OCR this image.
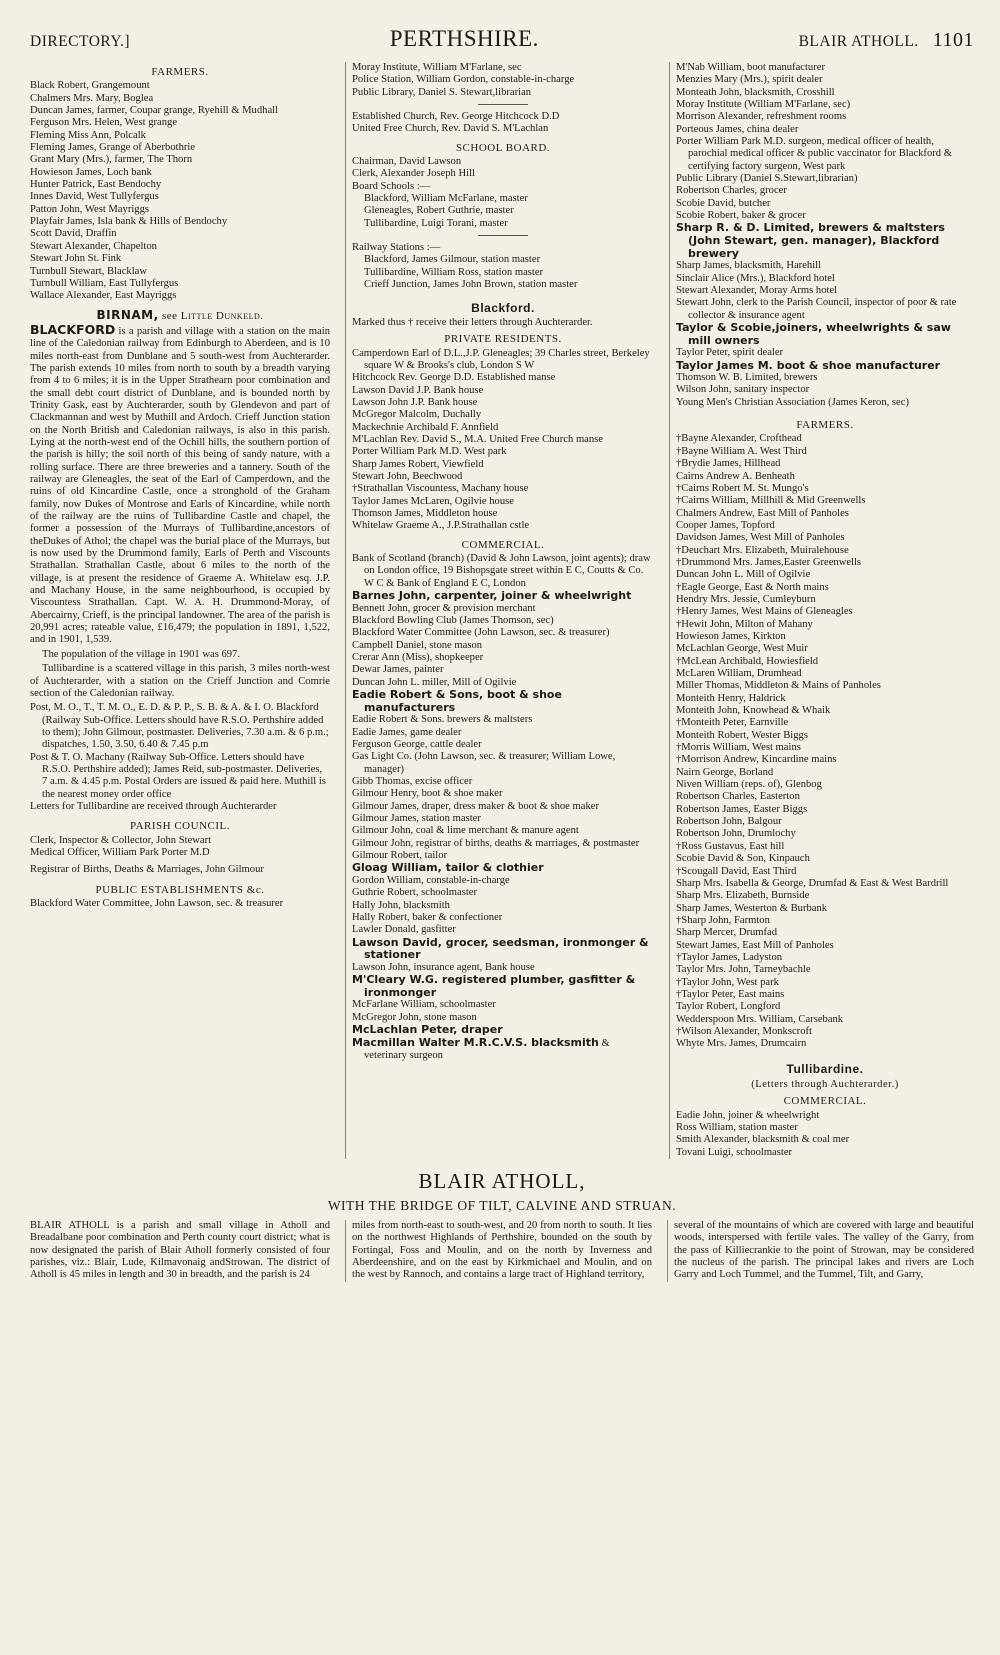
DIRECTORY.]	PERTHSHIRE.	BLAIR ATHOLL. 1101
FARMERS.

Black Robert, Grangemount

Chalmers Mrs. Mary, Boglea

Duncan James, farmer, Coupar grange, Ryehill & Mudhall

Ferguson Mrs. Helen, West grange

Fleming Miss Ann, Polcalk

Fleming James, Grange of Aberbothrie

Grant Mary (Mrs.), farmer, The Thorn

Howieson James, Loch bank

Hunter Patrick, East Bendochy

Innes David, West Tullyfergus

Patton John, West Mayriggs

Playfair James, Isla bank & Hills of Bendochy

Scott David, Draffin

Stewart Alexander, Chapelton

Stewart John St. Fink

Turnbull Stewart, Blacklaw

Turnbull William, East Tullyfergus

Wallace Alexander, East Mayriggs

BIRNAM, see Little Dunkeld.

BLACKFORD is a parish and village with a station on the main line of the Caledonian railway from Edinburgh to Aberdeen, and is 10 miles north-east from Dunblane and 5 south-west from Auchterarder. The parish extends 10 miles from north to south by a breadth varying from 4 to 6 miles; it is in the Upper Strathearn poor combination and the small debt court district of Dunblane, and is bounded north by Trinity Gask, east by Auchterarder, south by Glendevon and part of Clackmannan and west by Muthill and Ardoch. Crieff Junction station on the North British and Caledonian railways, is also in this parish. Lying at the north-west end of the Ochill hills, the southern portion of the parish is hilly; the soil north of this being of sandy nature, with a rolling surface. There are three breweries and a tannery. South of the railway are Gleneagles, the seat of the Earl of Camperdown, and the ruins of old Kincardine Castle, once a stronghold of the Graham family, now Dukes of Montrose and Earls of Kincardine, while north of the railway are the ruins of Tullibardine Castle and chapel, the former a possession of the Murrays of Tullibardine,ancestors of theDukes of Athol; the chapel was the burial place of the Murrays, but is now used by the Drummond family, Earls of Perth and Viscounts Strathallan. Strathallan Castle, about 6 miles to the north of the village, is at present the residence of Graeme A. Whitelaw esq. J.P. and Machany House, in the same neighbourhood, is occupied by Viscountess Strathallan. Capt. W. A. H. Drummond-Moray, of Abercairny, Crieff, is the principal landowner. The area of the parish is 20,991 acres; rateable value, £16,479; the population in 1891, 1,522, and in 1901, 1,539.

The population of the village in 1901 was 697.

Tullibardine is a scattered village in this parish, 3 miles north-west of Auchterarder, with a station on the Crieff Junction and Comrie section of the Caledonian railway.

Post, M. O., T., T. M. O., E. D. & P. P., S. B. & A. & I. O. Blackford (Railway Sub-Office. Letters should have R.S.O. Perthshire added to them); John Gilmour, postmaster. Deliveries, 7.30 a.m. & 6 p.m.; dispatches, 1.50, 3.50, 6.40 & 7.45 p.m

Post & T. O. Machany (Railway Sub-Office. Letters should have R.S.O. Perthshire added); James Reid, sub-postmaster. Deliveries, 7 a.m. & 4.45 p.m. Postal Orders are issued & paid here. Muthill is the nearest money order office

Letters for Tullibardine are received through Auchterarder

PARISH COUNCIL.

Clerk, Inspector & Collector, John Stewart

Medical Officer, William Park Porter M.D

Registrar of Births, Deaths & Marriages, John Gilmour

PUBLIC ESTABLISHMENTS &c.

Blackford Water Committee, John Lawson, sec. & treasurer

Moray Institute, William M'Farlane, sec

Police Station, William Gordon, constable-in-charge

Public Library, Daniel S. Stewart,librarian

Established Church, Rev. George Hitchcock D.D

United Free Church, Rev. David S. M'Lachlan

SCHOOL BOARD.

Chairman, David Lawson

Clerk, Alexander Joseph Hill

Board Schools :—

Blackford, William McFarlane, master

Gleneagles, Robert Guthrie, master

Tullibardine, Luigi Torani, master

Railway Stations :—

Blackford, James Gilmour, station master

Tullibardine, William Ross, station master

Crieff Junction, James John Brown, station master

Blackford.

Marked thus † receive their letters through Auchterarder.

PRIVATE RESIDENTS.

Camperdown Earl of D.L.,J.P. Gleneagles; 39 Charles street, Berkeley square W & Brooks's club, London S W

Hitchcock Rev. George D.D. Established manse

Lawson David J.P. Bank house

Lawson John J.P. Bank house

McGregor Malcolm, Duchally

Mackechnie Archibald F. Annfield

M'Lachlan Rev. David S., M.A. United Free Church manse

Porter William Park M.D. West park

Sharp James Robert, Viewfield

Stewart John, Beechwood

†Strathallan Viscountess, Machany house

Taylor James McLaren, Ogilvie house

Thomson James, Middleton house

Whitelaw Graeme A., J.P.Strathallan cstle

COMMERCIAL.

Bank of Scotland (branch) (David & John Lawson, joint agents); draw on London office, 19 Bishopsgate street within E C, Coutts & Co. W C & Bank of England E C, London

Barnes John, carpenter, joiner & wheelwright

Bennett John, grocer & provision merchant

Blackford Bowling Club (James Thomson, sec)

Blackford Water Committee (John Lawson, sec. & treasurer)

Campbell Daniel, stone mason

Crerar Ann (Miss), shopkeeper

Dewar James, painter

Duncan John L. miller, Mill of Ogilvie

Eadie Robert & Sons, boot & shoe manufacturers

Eadie Robert & Sons. brewers & maltsters

Eadie James, game dealer

Ferguson George, cattle dealer

Gas Light Co. (John Lawson, sec. & treasurer; William Lowe, manager)

Gibb Thomas, excise officer

Gilmour Henry, boot & shoe maker

Gilmour James, draper, dress maker & boot & shoe maker

Gilmour James, station master

Gilmour John, coal & lime merchant & manure agent

Gilmour John, registrar of births, deaths & marriages, & postmaster

Gilmour Robert, tailor

Gloag William, tailor & clothier

Gordon William, constable-in-charge

Guthrie Robert, schoolmaster

Hally John, blacksmith

Hally Robert, baker & confectioner

Lawler Donald, gasfitter

Lawson David, grocer, seedsman, ironmonger & stationer

Lawson John, insurance agent, Bank house

M'Cleary W.G. registered plumber, gasfitter & ironmonger

McFarlane William, schoolmaster

McGregor John, stone mason

McLachlan Peter, draper

Macmillan Walter M.R.C.V.S. blacksmith & veterinary surgeon

M'Nab William, boot manufacturer

Menzies Mary (Mrs.), spirit dealer

Monteath John, blacksmith, Crosshill

Moray Institute (William M'Farlane, sec)

Morrison Alexander, refreshment rooms

Porteous James, china dealer

Porter William Park M.D. surgeon, medical officer of health, parochial medical officer & public vaccinator for Blackford & certifying factory surgeon, West park

Public Library (Daniel S.Stewart,librarian)

Robertson Charles, grocer

Scobie David, butcher

Scobie Robert, baker & grocer

Sharp R. & D. Limited, brewers & maltsters (John Stewart, gen. manager), Blackford brewery

Sharp James, blacksmith, Harehill

Sinclair Alice (Mrs.), Blackford hotel

Stewart Alexander, Moray Arms hotel

Stewart John, clerk to the Parish Council, inspector of poor & rate collector & insurance agent

Taylor & Scobie,joiners, wheelwrights & saw mill owners

Taylor Peter, spirit dealer

Taylor James M. boot & shoe manufacturer

Thomson W. B. Limited, brewers

Wilson John, sanitary inspector

Young Men's Christian Association (James Keron, sec)

FARMERS.

†Bayne Alexander, Crofthead

†Bayne William A. West Third

†Brydie James, Hillhead

Cairns Andrew A. Benheath

†Cairns Robert M. St. Mungo's

†Cairns William, Millhill & Mid Greenwells

Chalmers Andrew, East Mill of Panholes

Cooper James, Topford

Davidson James, West Mill of Panholes

†Deuchart Mrs. Elizabeth, Muiralehouse

†Drummond Mrs. James,Easter Greenwells

Duncan John L. Mill of Ogilvie

†Eagle George, East & North mains

Hendry Mrs. Jessie, Cumleyburn

†Henry James, West Mains of Gleneagles

†Hewit John, Milton of Mahany

Howieson James, Kirkton

McLachlan George, West Muir

†McLean Archibald, Howiesfield

McLaren William, Drumhead

Miller Thomas, Middleton & Mains of Panholes

Monteith Henry, Haldrick

Monteith John, Knowhead & Whaik

†Monteith Peter, Earnville

Monteith Robert, Wester Biggs

†Morris William, West mains

†Morrison Andrew, Kincardine mains

Nairn George, Borland

Niven William (reps. of), Glenbog

Robertson Charles, Easterton

Robertson James, Easter Biggs

Robertson John, Balgour

Robertson John, Drumlochy

†Ross Gustavus, East hill

Scobie David & Son, Kinpauch

†Scougall David, East Third

Sharp Mrs. Isabella & George, Drumfad & East & West Bardrill

Sharp Mrs. Elizabeth, Burnside

Sharp James, Westerton & Burbank

†Sharp John, Farmton

Sharp Mercer, Drumfad

Stewart James, East Mill of Panholes

†Taylor James, Ladyston

Taylor Mrs. John, Tarneybachle

†Taylor John, West park

†Taylor Peter, East mains

Taylor Robert, Longford

Wedderspoon Mrs. William, Carsebank

†Wilson Alexander, Monkscroft

Whyte Mrs. James, Drumcairn

Tullibardine.
(Letters through Auchterarder.)
COMMERCIAL.

Eadie John, joiner & wheelwright

Ross William, station master

Smith Alexander, blacksmith & coal mer

Tovani Luigi, schoolmaster

BLAIR ATHOLL,
WITH THE BRIDGE OF TILT, CALVINE AND STRUAN.
BLAIR ATHOLL is a parish and small village in Atholl and Breadalbane poor combination and Perth county court district; what is now designated the parish of Blair Atholl formerly consisted of four parishes, viz.: Blair, Lude, Kilmavonaig andStrowan. The district of Atholl is 45 miles in length and 30 in breadth, and the parish is 24
miles from north-east to south-west, and 20 from north to south. It lies on the northwest Highlands of Perthshire, bounded on the south by Fortingal, Foss and Moulin, and on the north by Inverness and Aberdeenshire, and on the east by Kirkmichael and Moulin, and on the west by Rannoch, and contains a large tract of Highland territory,
several of the mountains of which are covered with large and beautiful woods, interspersed with fertile vales. The valley of the Garry, from the pass of Killiecrankie to the point of Strowan, may be considered the nucleus of the parish. The principal lakes and rivers are Loch Garry and Loch Tummel, and the Tummel, Tilt, and Garry,
